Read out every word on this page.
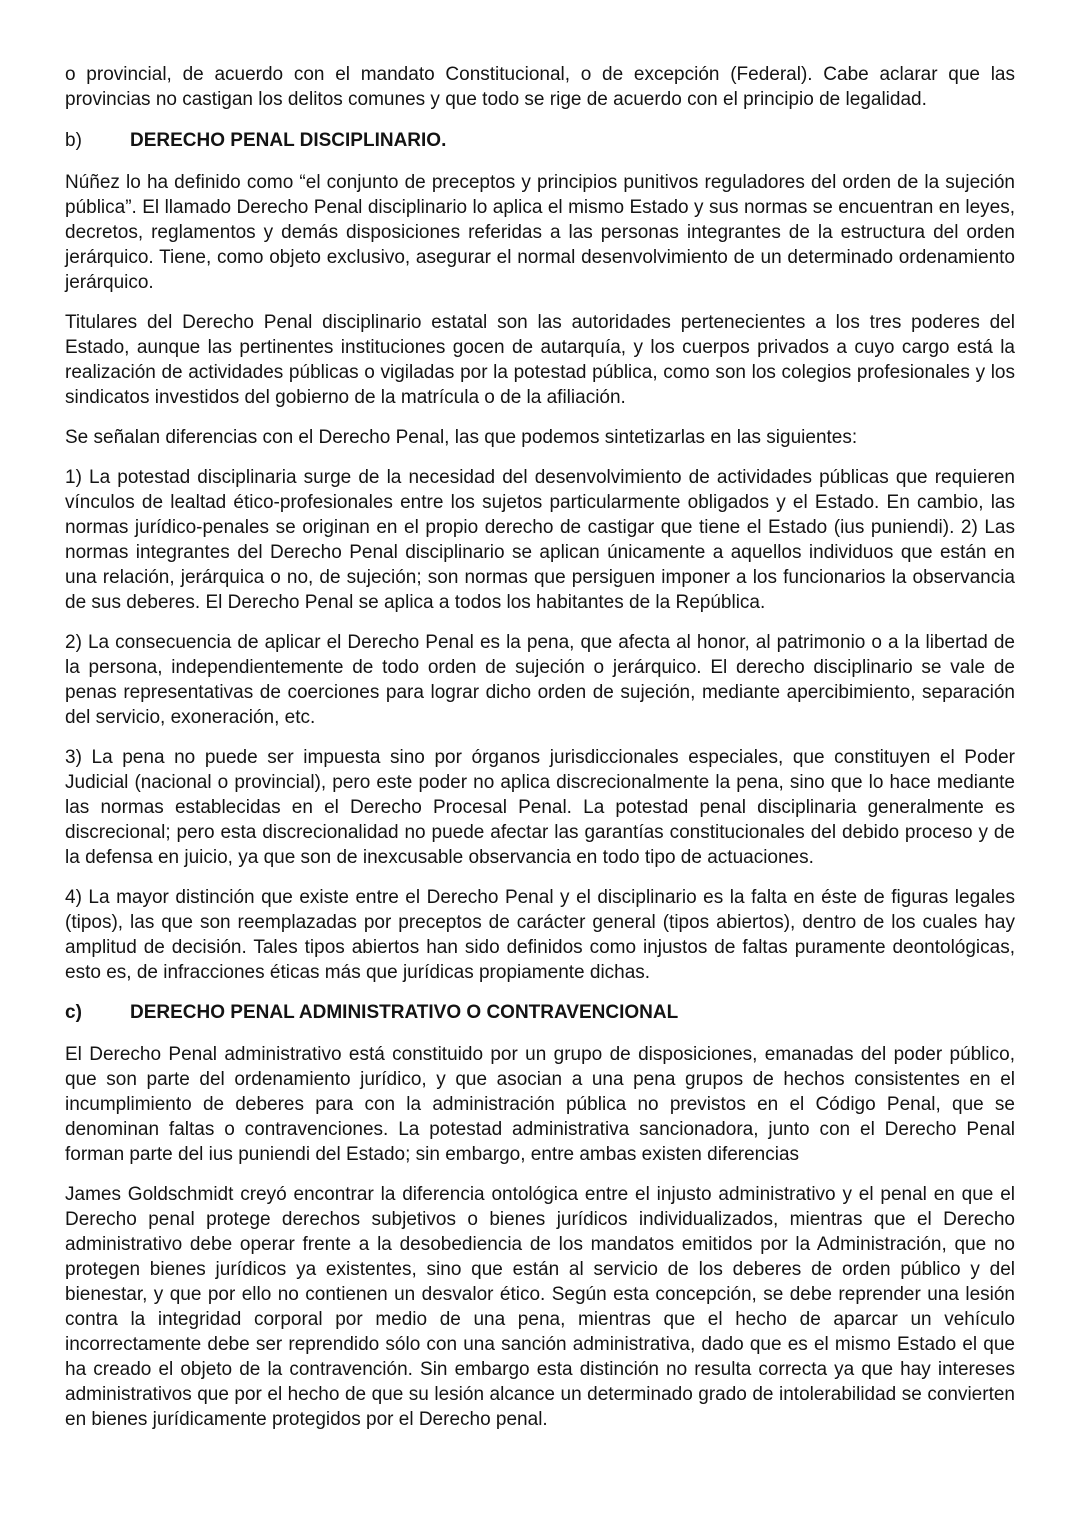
o provincial, de acuerdo con el mandato Constitucional, o de excepción (Federal). Cabe aclarar que las provincias no castigan los delitos comunes y que todo se rige de acuerdo con el principio de legalidad.

b)	DERECHO PENAL DISCIPLINARIO.

Núñez lo ha definido como “el conjunto de preceptos y principios punitivos reguladores del orden de la sujeción pública”. El llamado Derecho Penal disciplinario lo aplica el mismo Estado y sus normas se encuentran en leyes, decretos, reglamentos y demás disposiciones referidas a las personas integrantes de la estructura del orden jerárquico. Tiene, como objeto exclusivo, asegurar el normal desenvolvimiento de un determinado ordenamiento jerárquico.

Titulares del Derecho Penal disciplinario estatal son las autoridades pertenecientes a los tres poderes del Estado, aunque las pertinentes instituciones gocen de autarquía, y los cuerpos privados a cuyo cargo está la realización de actividades públicas o vigiladas por la potestad pública, como son los colegios profesionales y los sindicatos investidos del gobierno de la matrícula o de la afiliación.

Se señalan diferencias con el Derecho Penal, las que podemos sintetizarlas en las siguientes:

1) La potestad disciplinaria surge de la necesidad del desenvolvimiento de actividades públicas que requieren vínculos de lealtad ético-profesionales entre los sujetos particularmente obligados y el Estado. En cambio, las normas jurídico-penales se originan en el propio derecho de castigar que tiene el Estado (ius puniendi). 2) Las normas integrantes del Derecho Penal disciplinario se aplican únicamente a aquellos individuos que están en una relación, jerárquica o no, de sujeción; son normas que persiguen imponer a los funcionarios la observancia de sus deberes. El Derecho Penal se aplica a todos los habitantes de la República.

2) La consecuencia de aplicar el Derecho Penal es la pena, que afecta al honor, al patrimonio o a la libertad de la persona, independientemente de todo orden de sujeción o jerárquico. El derecho disciplinario se vale de penas representativas de coerciones para lograr dicho orden de sujeción, mediante apercibimiento, separación del servicio, exoneración, etc.

3) La pena no puede ser impuesta sino por órganos jurisdiccionales especiales, que constituyen el Poder Judicial (nacional o provincial), pero este poder no aplica discrecionalmente la pena, sino que lo hace mediante las normas establecidas en el Derecho Procesal Penal. La potestad penal disciplinaria generalmente es discrecional; pero esta discrecionalidad no puede afectar las garantías constitucionales del debido proceso y de la defensa en juicio, ya que son de inexcusable observancia en todo tipo de actuaciones.

4) La mayor distinción que existe entre el Derecho Penal y el disciplinario es la falta en éste de figuras legales (tipos), las que son reemplazadas por preceptos de carácter general (tipos abiertos), dentro de los cuales hay amplitud de decisión. Tales tipos abiertos han sido definidos como injustos de faltas puramente deontológicas, esto es, de infracciones éticas más que jurídicas propiamente dichas.

c)	DERECHO PENAL ADMINISTRATIVO O CONTRAVENCIONAL

El Derecho Penal administrativo está constituido por un grupo de disposiciones, emanadas del poder público, que son parte del ordenamiento jurídico, y que asocian a una pena grupos de hechos consistentes en el incumplimiento de deberes para con la administración pública no previstos en el Código Penal, que se denominan faltas o contravenciones. La potestad administrativa sancionadora, junto con el Derecho Penal forman parte del ius puniendi del Estado; sin embargo, entre ambas existen diferencias

James Goldschmidt creyó encontrar la diferencia ontológica entre el injusto administrativo y el penal en que el Derecho penal protege derechos subjetivos o bienes jurídicos individualizados, mientras que el Derecho administrativo debe operar frente a la desobediencia de los mandatos emitidos por la Administración, que no protegen bienes jurídicos ya existentes, sino que están al servicio de los deberes de orden público y del bienestar, y que por ello no contienen un desvalor ético. Según esta concepción, se debe reprender una lesión contra la integridad corporal por medio de una pena, mientras que el hecho de aparcar un vehículo incorrectamente debe ser reprendido sólo con una sanción administrativa, dado que es el mismo Estado el que ha creado el objeto de la contravención. Sin embargo esta distinción no resulta correcta ya que hay intereses administrativos que por el hecho de que su lesión alcance un determinado grado de intolerabilidad se convierten en bienes jurídicamente protegidos por el Derecho penal.
